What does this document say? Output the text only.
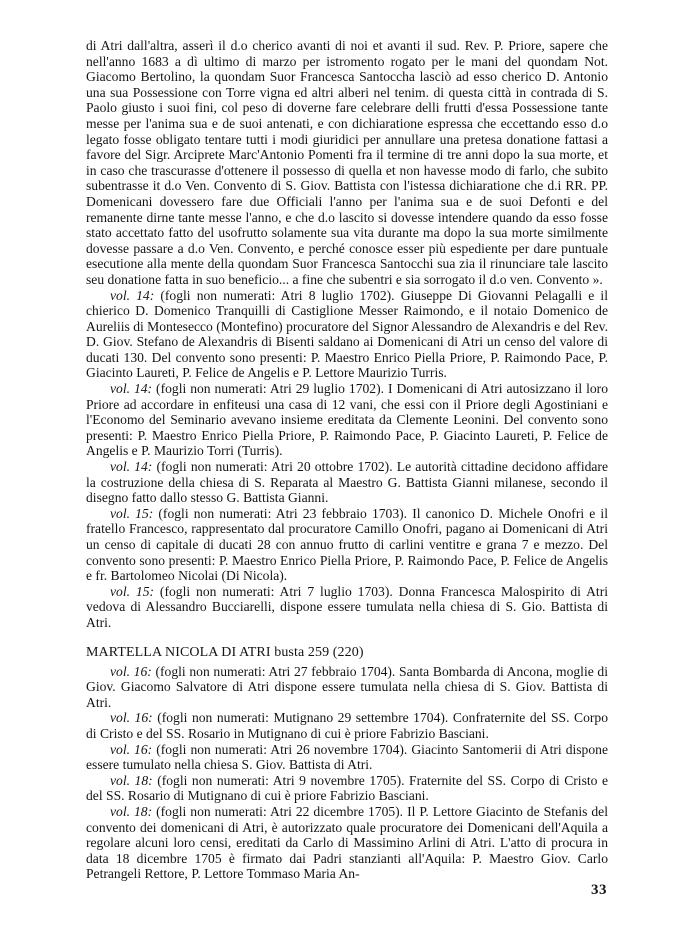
di Atri dall'altra, asserì il d.o cherico avanti di noi et avanti il sud. Rev. P. Priore, sapere che nell'anno 1683 a dì ultimo di marzo per istromento rogato per le mani del quondam Not. Giacomo Bertolino, la quondam Suor Francesca Santoccha lasciò ad esso cherico D. Antonio una sua Possessione con Torre vigna ed altri alberi nel tenim. di questa città in contrada di S. Paolo giusto i suoi fini, col peso di doverne fare celebrare delli frutti d'essa Possessione tante messe per l'anima sua e de suoi antenati, e con dichiaratione espressa che eccettando esso d.o legato fosse obligato tentare tutti i modi giuridici per annullare una pretesa donatione fattasi a favore del Sigr. Arciprete Marc'Antonio Pomenti fra il termine di tre anni dopo la sua morte, et in caso che trascurasse d'ottenere il possesso di quella et non havesse modo di farlo, che subito subentrasse it d.o Ven. Convento di S. Giov. Battista con l'istessa dichiaratione che d.i RR. PP. Domenicani dovessero fare due Officiali l'anno per l'anima sua e de suoi Defonti e del remanente dirne tante messe l'anno, e che d.o lascito si dovesse intendere quando da esso fosse stato accettato fatto del usofrutto solamente sua vita durante ma dopo la sua morte similmente dovesse passare a d.o Ven. Convento, e perché conosce esser più espediente per dare puntuale esecutione alla mente della quondam Suor Francesca Santocchi sua zia il rinunciare tale lascito seu donatione fatta in suo beneficio... a fine che subentri e sia sorrogato il d.o ven. Convento ».

vol. 14: (fogli non numerati: Atri 8 luglio 1702). Giuseppe Di Giovanni Pelagalli e il chierico D. Domenico Tranquilli di Castiglione Messer Raimondo, e il notaio Domenico de Aureliis di Montesecco (Montefino) procuratore del Signor Alessandro de Alexandris e del Rev. D. Giov. Stefano de Alexandris di Bisenti saldano ai Domenicani di Atri un censo del valore di ducati 130. Del convento sono presenti: P. Maestro Enrico Piella Priore, P. Raimondo Pace, P. Giacinto Laureti, P. Felice de Angelis e P. Lettore Maurizio Turris.

vol. 14: (fogli non numerati: Atri 29 luglio 1702). I Domenicani di Atri autosizzano il loro Priore ad accordare in enfiteusi una casa di 12 vani, che essi con il Priore degli Agostiniani e l'Economo del Seminario avevano insieme ereditata da Clemente Leonini. Del convento sono presenti: P. Maestro Enrico Piella Priore, P. Raimondo Pace, P. Giacinto Laureti, P. Felice de Angelis e P. Maurizio Torri (Turris).

vol. 14: (fogli non numerati: Atri 20 ottobre 1702). Le autorità cittadine decidono affidare la costruzione della chiesa di S. Reparata al Maestro G. Battista Gianni milanese, secondo il disegno fatto dallo stesso G. Battista Gianni.

vol. 15: (fogli non numerati: Atri 23 febbraio 1703). Il canonico D. Michele Onofri e il fratello Francesco, rappresentato dal procuratore Camillo Onofri, pagano ai Domenicani di Atri un censo di capitale di ducati 28 con annuo frutto di carlini ventitre e grana 7 e mezzo. Del convento sono presenti: P. Maestro Enrico Piella Priore, P. Raimondo Pace, P. Felice de Angelis e fr. Bartolomeo Nicolai (Di Nicola).

vol. 15: (fogli non numerati: Atri 7 luglio 1703). Donna Francesca Malospirito di Atri vedova di Alessandro Bucciarelli, dispone essere tumulata nella chiesa di S. Gio. Battista di Atri.

MARTELLA NICOLA DI ATRI busta 259 (220)

vol. 16: (fogli non numerati: Atri 27 febbraio 1704). Santa Bombarda di Ancona, moglie di Giov. Giacomo Salvatore di Atri dispone essere tumulata nella chiesa di S. Giov. Battista di Atri.

vol. 16: (fogli non numerati: Mutignano 29 settembre 1704). Confraternite del SS. Corpo di Cristo e del SS. Rosario in Mutignano di cui è priore Fabrizio Basciani.

vol. 16: (fogli non numerati: Atri 26 novembre 1704). Giacinto Santomerii di Atri dispone essere tumulato nella chiesa S. Giov. Battista di Atri.

vol. 18: (fogli non numerati: Atri 9 novembre 1705). Fraternite del SS. Corpo di Cristo e del SS. Rosario di Mutignano di cui è priore Fabrizio Basciani.

vol. 18: (fogli non numerati: Atri 22 dicembre 1705). Il P. Lettore Giacinto de Stefanis del convento dei domenicani di Atri, è autorizzato quale procuratore dei Domenicani dell'Aquila a regolare alcuni loro censi, ereditati da Carlo di Massimino Arlini di Atri. L'atto di procura in data 18 dicembre 1705 è firmato dai Padri stanzianti all'Aquila: P. Maestro Giov. Carlo Petrangeli Rettore, P. Lettore Tommaso Maria An-

33
